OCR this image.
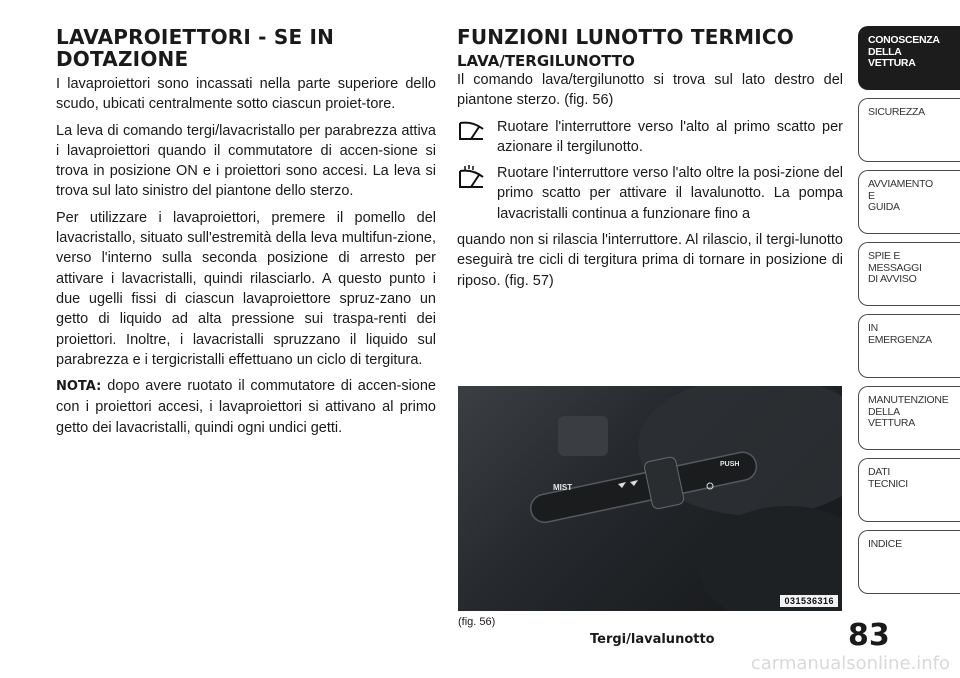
LAVAPROIETTORI - SE IN DOTAZIONE

I lavaproiettori sono incassati nella parte superiore dello scudo, ubicati centralmente sotto ciascun proiet-tore.

La leva di comando tergi/lavacristallo per parabrezza attiva i lavaproiettori quando il commutatore di accen-sione si trova in posizione ON e i proiettori sono accesi. La leva si trova sul lato sinistro del piantone dello sterzo.

Per utilizzare i lavaproiettori, premere il pomello del lavacristallo, situato sull'estremità della leva multifun-zione, verso l'interno sulla seconda posizione di arresto per attivare i lavacristalli, quindi rilasciarlo. A questo punto i due ugelli fissi di ciascun lavaproiettore spruz-zano un getto di liquido ad alta pressione sui traspa-renti dei proiettori. Inoltre, i lavacristalli spruzzano il liquido sul parabrezza e i tergicristalli effettuano un ciclo di tergitura.

NOTA: dopo avere ruotato il commutatore di accen-sione con i proiettori accesi, i lavaproiettori si attivano al primo getto dei lavacristalli, quindi ogni undici getti.

FUNZIONI LUNOTTO TERMICO
LAVA/TERGILUNOTTO

Il comando lava/tergilunotto si trova sul lato destro del piantone sterzo. (fig. 56)

Ruotare l'interruttore verso l'alto al primo scatto per azionare il tergilunotto.
Ruotare l'interruttore verso l'alto oltre la posi-zione del primo scatto per attivare il lavalunotto. La pompa lavacristalli continua a funzionare fino a

quando non si rilascia l'interruttore. Al rilascio, il tergi-lunotto eseguirà tre cicli di tergitura prima di tornare in posizione di riposo. (fig. 57)

MIST
PUSH
031536316
(fig. 56)
Tergi/lavalunotto	83
CONOSCENZA
DELLA
VETTURA
SICUREZZA
AVVIAMENTO
E
GUIDA
SPIE E
MESSAGGI
DI AVVISO
IN
EMERGENZA
MANUTENZIONE
DELLA
VETTURA
DATI
TECNICI
INDICE
carmanualsonline.info
